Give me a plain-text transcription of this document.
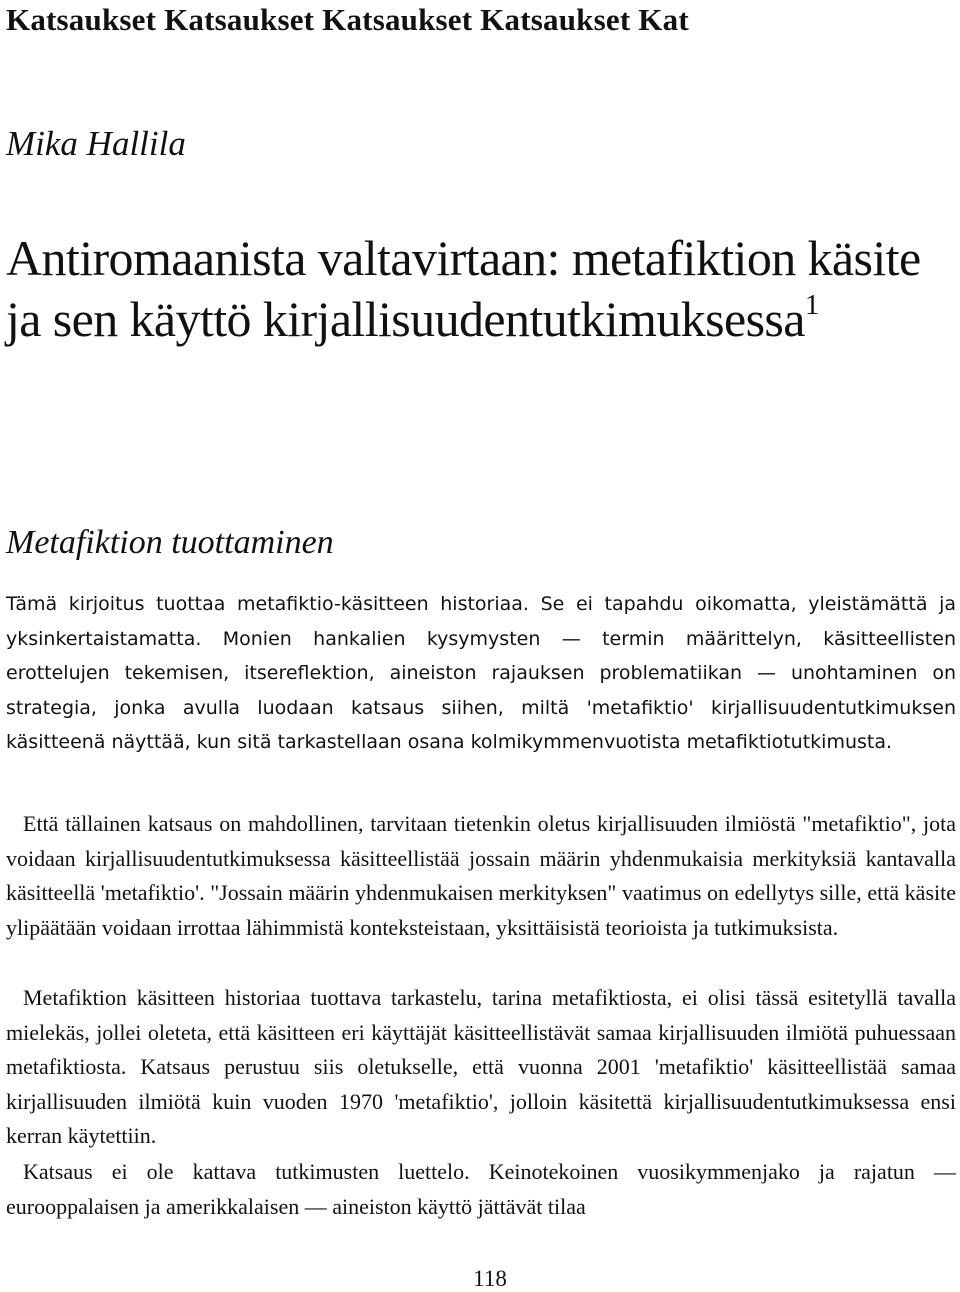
Katsaukset Katsaukset Katsaukset Katsaukset Kat
Mika Hallila
Antiromaanista valtavirtaan: metafiktion käsite ja sen käyttö kirjallisuudentutkimuksessa$^1$
Metafiktion tuottaminen

Tämä kirjoitus tuottaa metafiktio-käsitteen historiaa. Se ei tapahdu oikomatta, yleistämättä ja yksinkertaistamatta. Monien hankalien kysymysten — termin määrittelyn, käsitteellisten erottelujen tekemisen, itsereflektion, aineiston rajauksen problematiikan — unohtaminen on strategia, jonka avulla luodaan katsaus siihen, miltä 'metafiktio' kirjallisuudentutkimuksen käsitteenä näyttää, kun sitä tarkastellaan osana kolmikymmenvuotista metafiktiotutkimusta.

Että tällainen katsaus on mahdollinen, tarvitaan tietenkin oletus kirjallisuuden ilmiöstä "metafiktio", jota voidaan kirjallisuudentutkimuksessa käsitteellistää jossain määrin yhdenmukaisia merkityksiä kantavalla käsitteellä 'metafiktio'. "Jossain määrin yhdenmukaisen merkityksen" vaatimus on edellytys sille, että käsite ylipäätään voidaan irrottaa lähimmistä konteksteistaan, yksittäisistä teorioista ja tutkimuksista.

Metafiktion käsitteen historiaa tuottava tarkastelu, tarina metafiktiosta, ei olisi tässä esitetyllä tavalla mielekäs, jollei oleteta, että käsitteen eri käyttäjät käsitteellistävät samaa kirjallisuuden ilmiötä puhuessaan metafiktiosta. Katsaus perustuu siis oletukselle, että vuonna 2001 'metafiktio' käsitteellistää samaa kirjallisuuden ilmiötä kuin vuoden 1970 'metafiktio', jolloin käsitettä kirjallisuudentutkimuksessa ensi kerran käytettiin.

Katsaus ei ole kattava tutkimusten luettelo. Keinotekoinen vuosikymmenjako ja rajatun — eurooppalaisen ja amerikkalaisen — aineiston käyttö jättävät tilaa

118
